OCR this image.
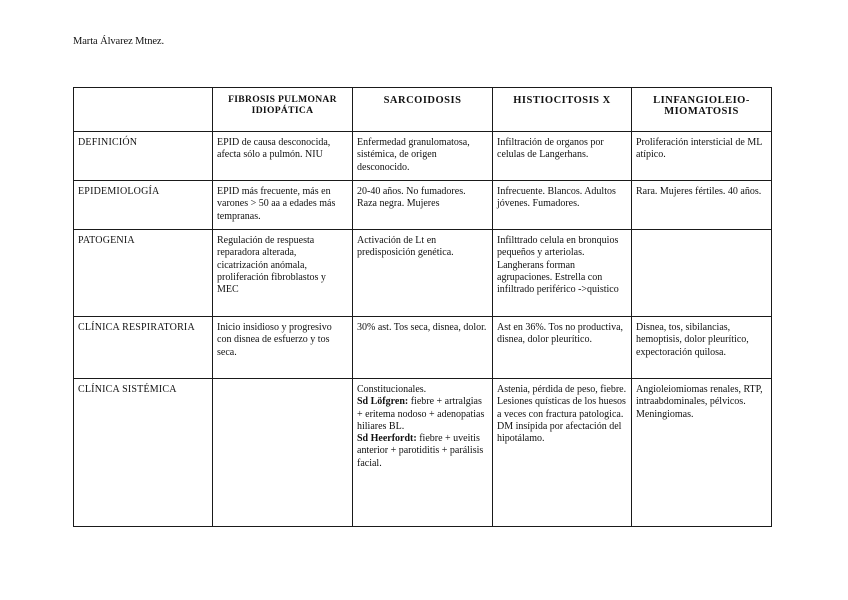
Marta Álvarez Mtnez.
	FIBROSIS PULMONAR IDIOPÁTICA	SARCOIDOSIS	HISTIOCITOSIS X	LINFANGIOLEIO-MIOMATOSIS
DEFINICIÓN	EPID de causa desconocida, afecta sólo a pulmón. NIU	Enfermedad granulomatosa, sistémica, de origen desconocido.	Infiltración de organos por celulas de Langerhans.	Proliferación intersticial de ML atípico.
EPIDEMIOLOGÍA	EPID más frecuente, más en varones > 50 aa a edades más tempranas.	20-40 años. No fumadores. Raza negra. Mujeres	Infrecuente. Blancos. Adultos jóvenes. Fumadores.	Rara. Mujeres fértiles. 40 años.
PATOGENIA	Regulación de respuesta reparadora alterada, cicatrización anómala, proliferación fibroblastos y MEC	Activación de Lt en predisposición genética.	Infilttrado celula en bronquios pequeños y arteriolas. Langherans forman agrupaciones. Estrella con infiltrado periférico ->quistico	
CLÍNICA RESPIRATORIA	Inicio insidioso y progresivo con disnea de esfuerzo y tos seca.	30% ast. Tos seca, disnea, dolor.	Ast en 36%. Tos no productiva, disnea, dolor pleurítico.	Disnea, tos, sibilancias, hemoptisis, dolor pleurítico, expectoración quilosa.
CLÍNICA SISTÉMICA		Constitucionales.
Sd Löfgren: fiebre + artralgias + eritema nodoso + adenopatias hiliares BL.
Sd Heerfordt: fiebre + uveitis anterior + parotiditis + parálisis facial.	Astenia, pérdida de peso, fiebre. Lesiones quísticas de los huesos a veces con fractura patologica. DM insípida por afectación del hipotálamo.	Angioleiomiomas renales, RTP, intraabdominales, pélvicos. Meningiomas.
